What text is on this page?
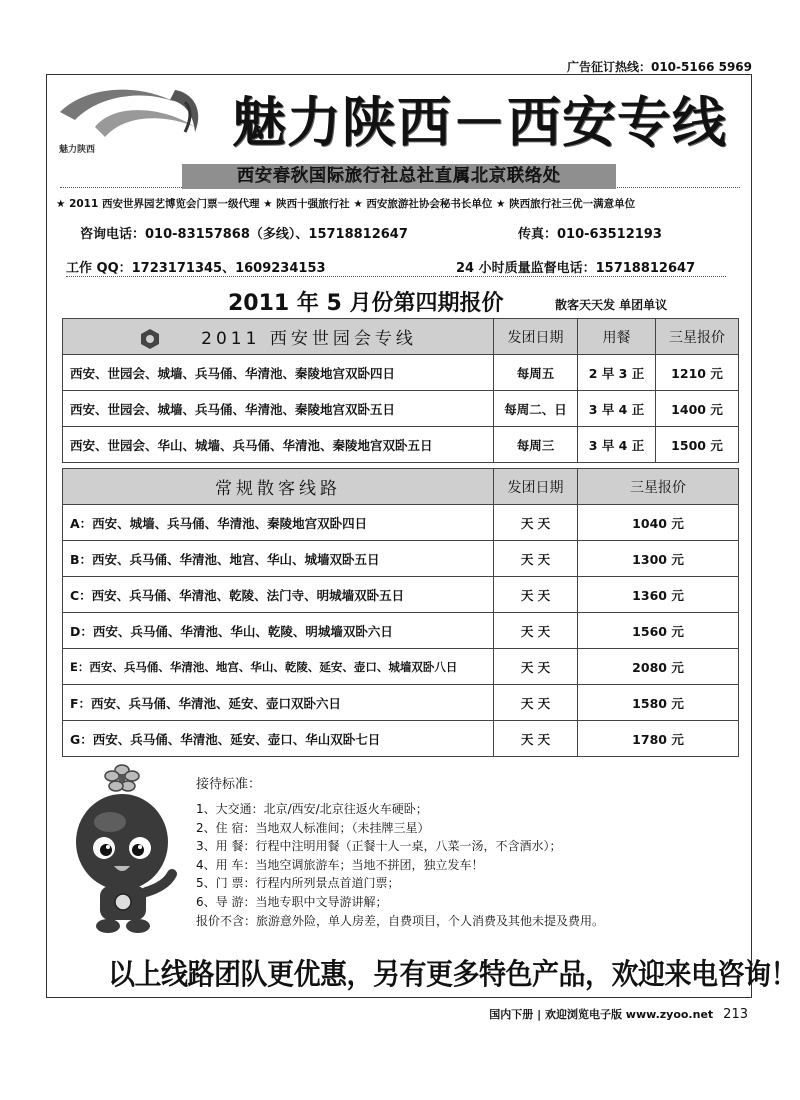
广告征订热线：010-5166 5969
魅力陕西	魅力陕西－西安专线
西安春秋国际旅行社总社直属北京联络处
★ 2011 西安世界园艺博览会门票一级代理 ★ 陕西十强旅行社 ★ 西安旅游社协会秘书长单位 ★ 陕西旅行社三优一满意单位
咨询电话：010-83157868（多线）、15718812647	传真：010-63512193
工作 QQ：1723171345、1609234153	24 小时质量监督电话：15718812647
2011 年 5 月份第四期报价	散客天天发 单团单议
2011 西安世园会专线	发团日期	用餐	三星报价
西安、世园会、城墙、兵马俑、华清池、秦陵地宫双卧四日	每周五	2 早 3 正	1210 元
西安、世园会、城墙、兵马俑、华清池、秦陵地宫双卧五日	每周二、日	3 早 4 正	1400 元
西安、世园会、华山、城墙、兵马俑、华清池、秦陵地宫双卧五日	每周三	3 早 4 正	1500 元
常规散客线路	发团日期	三星报价
A：西安、城墙、兵马俑、华清池、秦陵地宫双卧四日	天 天	1040 元
B：西安、兵马俑、华清池、地宫、华山、城墙双卧五日	天 天	1300 元
C：西安、兵马俑、华清池、乾陵、法门寺、明城墙双卧五日	天 天	1360 元
D：西安、兵马俑、华清池、华山、乾陵、明城墙双卧六日	天 天	1560 元
E：西安、兵马俑、华清池、地宫、华山、乾陵、延安、壶口、城墙双卧八日	天 天	2080 元
F：西安、兵马俑、华清池、延安、壶口双卧六日	天 天	1580 元
G：西安、兵马俑、华清池、延安、壶口、华山双卧七日	天 天	1780 元
接待标准：
1、大交通：北京/西安/北京往返火车硬卧；
2、住 宿：当地双人标准间；（未挂牌三星）
3、用 餐：行程中注明用餐（正餐十人一桌，八菜一汤，不含酒水）；
4、用 车：当地空调旅游车；当地不拼团，独立发车！
5、门 票：行程内所列景点首道门票；
6、导 游：当地专职中文导游讲解；
报价不含：旅游意外险，单人房差，自费项目，个人消费及其他未提及费用。
以上线路团队更优惠，另有更多特色产品，欢迎来电咨询！
国内下册 | 欢迎浏览电子版 www.zyoo.net 213
